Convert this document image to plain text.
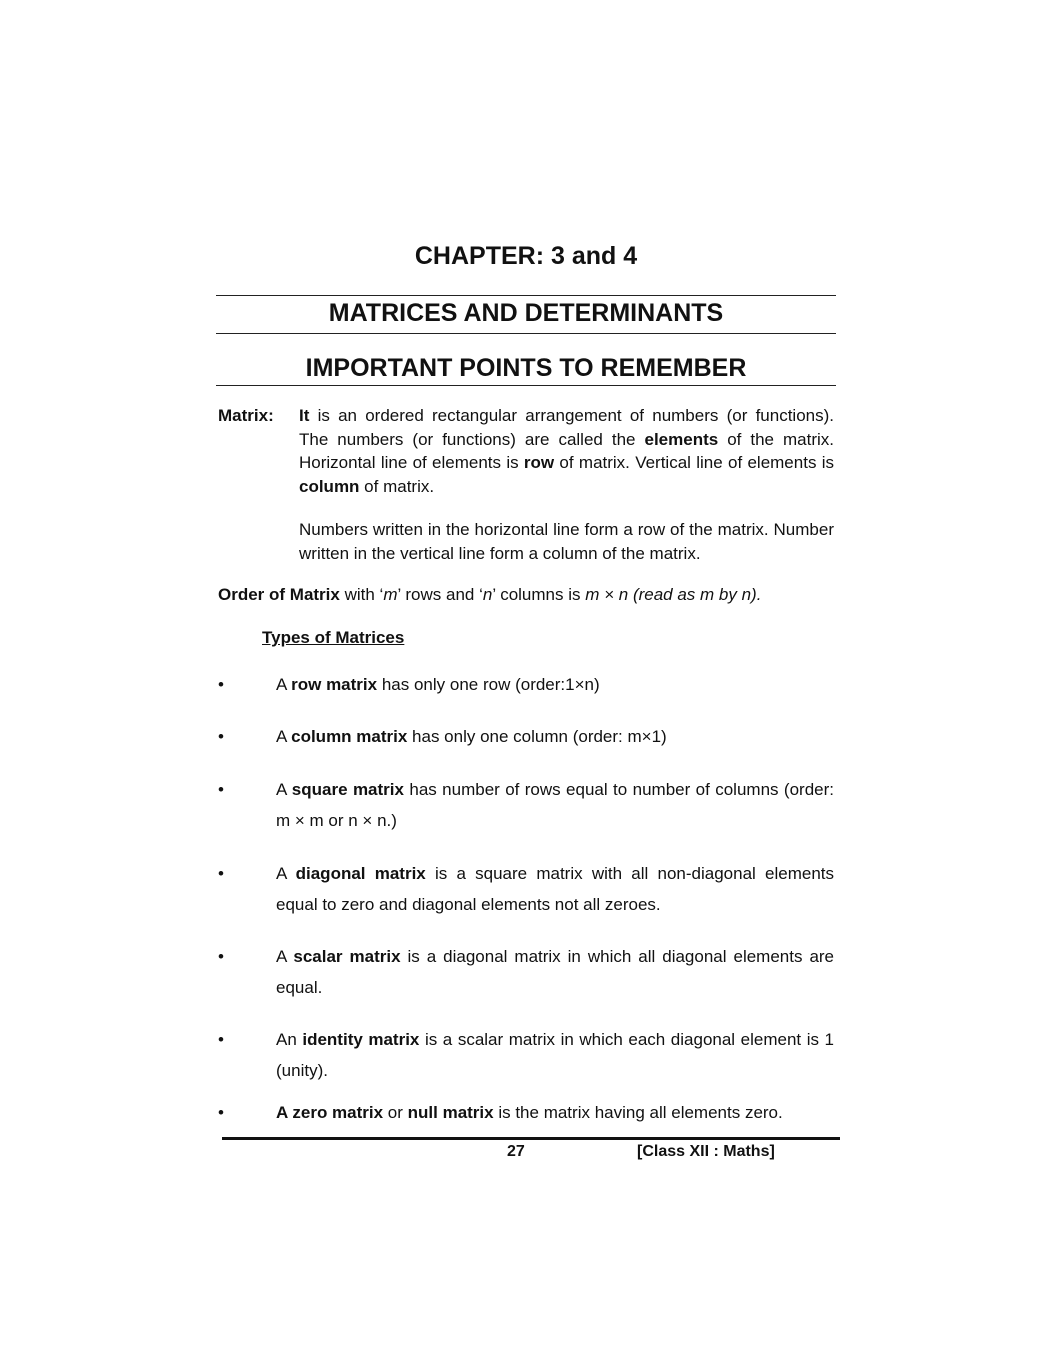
CHAPTER: 3 and 4
MATRICES AND DETERMINANTS
IMPORTANT POINTS TO REMEMBER
Matrix: It is an ordered rectangular arrangement of numbers (or functions). The numbers (or functions) are called the elements of the matrix. Horizontal line of elements is row of matrix. Vertical line of elements is column of matrix.
Numbers written in the horizontal line form a row of the matrix. Number written in the vertical line form a column of the matrix.
Order of Matrix with ‘m’ rows and ‘n’ columns is m × n (read as m by n).
Types of Matrices
•	A row matrix has only one row (order:1×n)
•	A column matrix has only one column (order: m×1)
•	A square matrix has number of rows equal to number of columns (order: m × m or n × n.)
•	A diagonal matrix is a square matrix with all non-diagonal elements equal to zero and diagonal elements not all zeroes.
•	A scalar matrix is a diagonal matrix in which all diagonal elements are equal.
•	An identity matrix is a scalar matrix in which each diagonal element is 1 (unity).
•	A zero matrix or null matrix is the matrix having all elements zero.
27	[Class XII : Maths]
